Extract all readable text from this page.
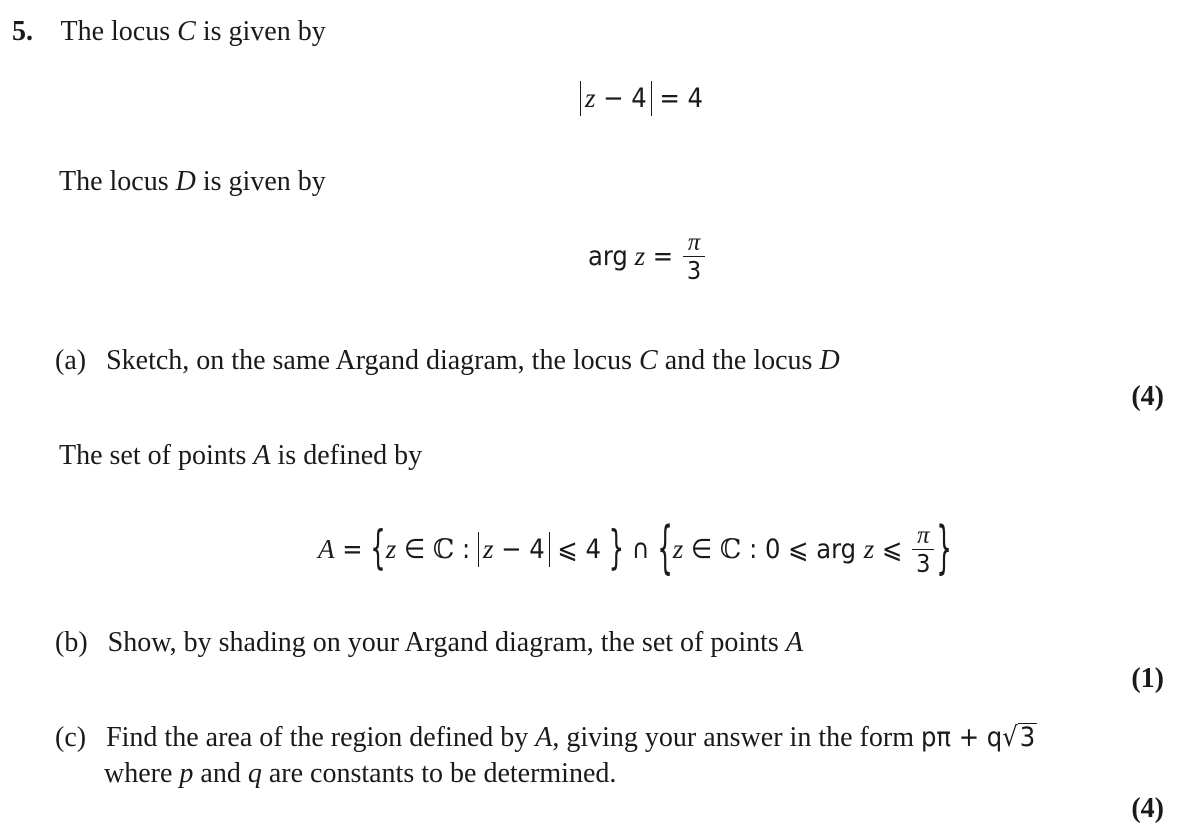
5. The locus C is given by
z − 4 = 4
The locus D is given by
arg $z = \frac{\pi}{3}$
(a) Sketch, on the same Argand diagram, the locus C and the locus D
(4)
The set of points A is defined by
A = {z ∈ ℂ : z − 4 ⩽ 4 } ∩ {z ∈ ℂ : 0 ⩽ arg z ⩽ $\frac{\pi}{3}$ }
(b) Show, by shading on your Argand diagram, the set of points A
(1)
(c) Find the area of the region defined by A, giving your answer in the form pπ + q√3
where p and q are constants to be determined.
(4)
